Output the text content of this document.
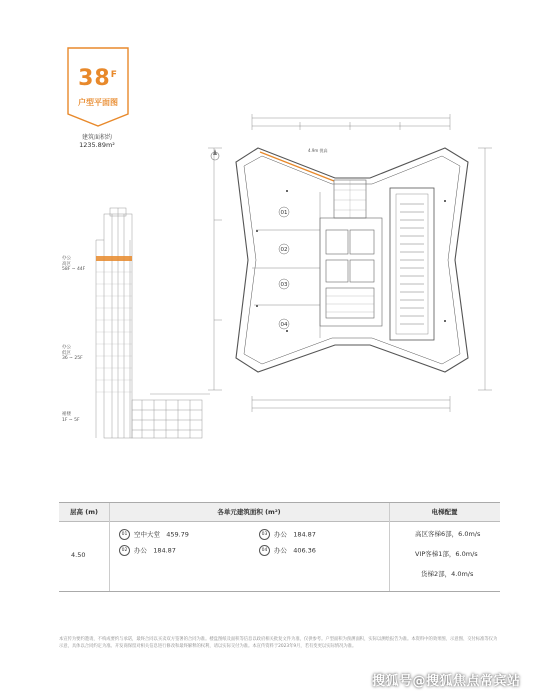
$38^F$
户型平面图
建筑面积约
1235.89m²
办公
高区
58F ~ 44F
办公
低区
36 ~ 25F
裙楼
1F ~ 5F
01
02
03
04
4.9m 挑高
层高 (m)	各单元建筑面积 (m²)	电梯配置
4.50
01 空中大堂 459.79	03 办公 184.87
02 办公 184.87	04 办公 406.36
高区客梯6部，6.0m/s
VIP客梯1部，6.0m/s
货梯2部，4.0m/s
本宣传为要约邀请，不构成要约与承诺，最终合同以买卖双方签署的合同为准。楼盘图纸及面积等信息以政府相关批复文件为准，仅供参考。户型面积为预测面积，实际以测绘报告为准。本资料中的效果图、示意图、交付标准等仅为示意，具体以合同约定为准。开发商保留对相关信息进行修改和最终解释的权利，请以实际交付为准。本宣传资料于2023年9月，若有变更以实际情况为准。
搜狐号@搜狐焦点常宾站
